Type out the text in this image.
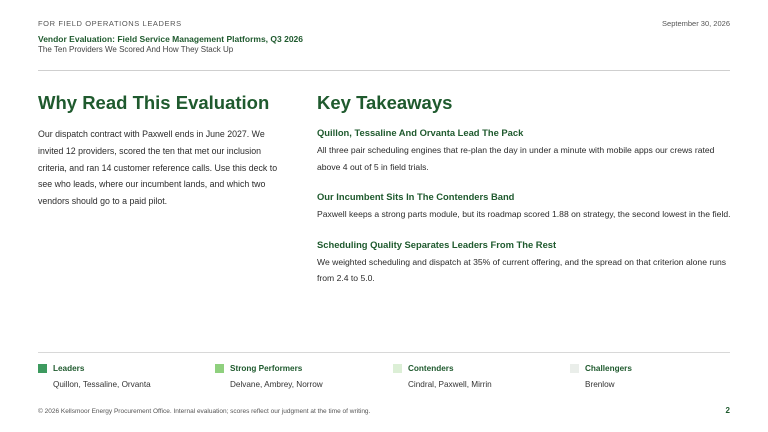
FOR FIELD OPERATIONS LEADERS	September 30, 2026
Vendor Evaluation: Field Service Management Platforms, Q3 2026
The Ten Providers We Scored And How They Stack Up
Why Read This Evaluation

Our dispatch contract with Paxwell ends in June 2027. We invited 12 providers, scored the ten that met our inclusion criteria, and ran 14 customer reference calls. Use this deck to see who leads, where our incumbent lands, and which two vendors should go to a paid pilot.

Key Takeaways
Quillon, Tessaline And Orvanta Lead The Pack

All three pair scheduling engines that re-plan the day in under a minute with mobile apps our crews rated above 4 out of 5 in field trials.

Our Incumbent Sits In The Contenders Band

Paxwell keeps a strong parts module, but its roadmap scored 1.88 on strategy, the second lowest in the field.

Scheduling Quality Separates Leaders From The Rest

We weighted scheduling and dispatch at 35% of current offering, and the spread on that criterion alone runs from 2.4 to 5.0.

Leaders
Quillon, Tessaline, Orvanta
Strong Performers
Delvane, Ambrey, Norrow
Contenders
Cindral, Paxwell, Mirrin
Challengers
Brenlow
© 2026 Kellsmoor Energy Procurement Office. Internal evaluation; scores reflect our judgment at the time of writing.	2
